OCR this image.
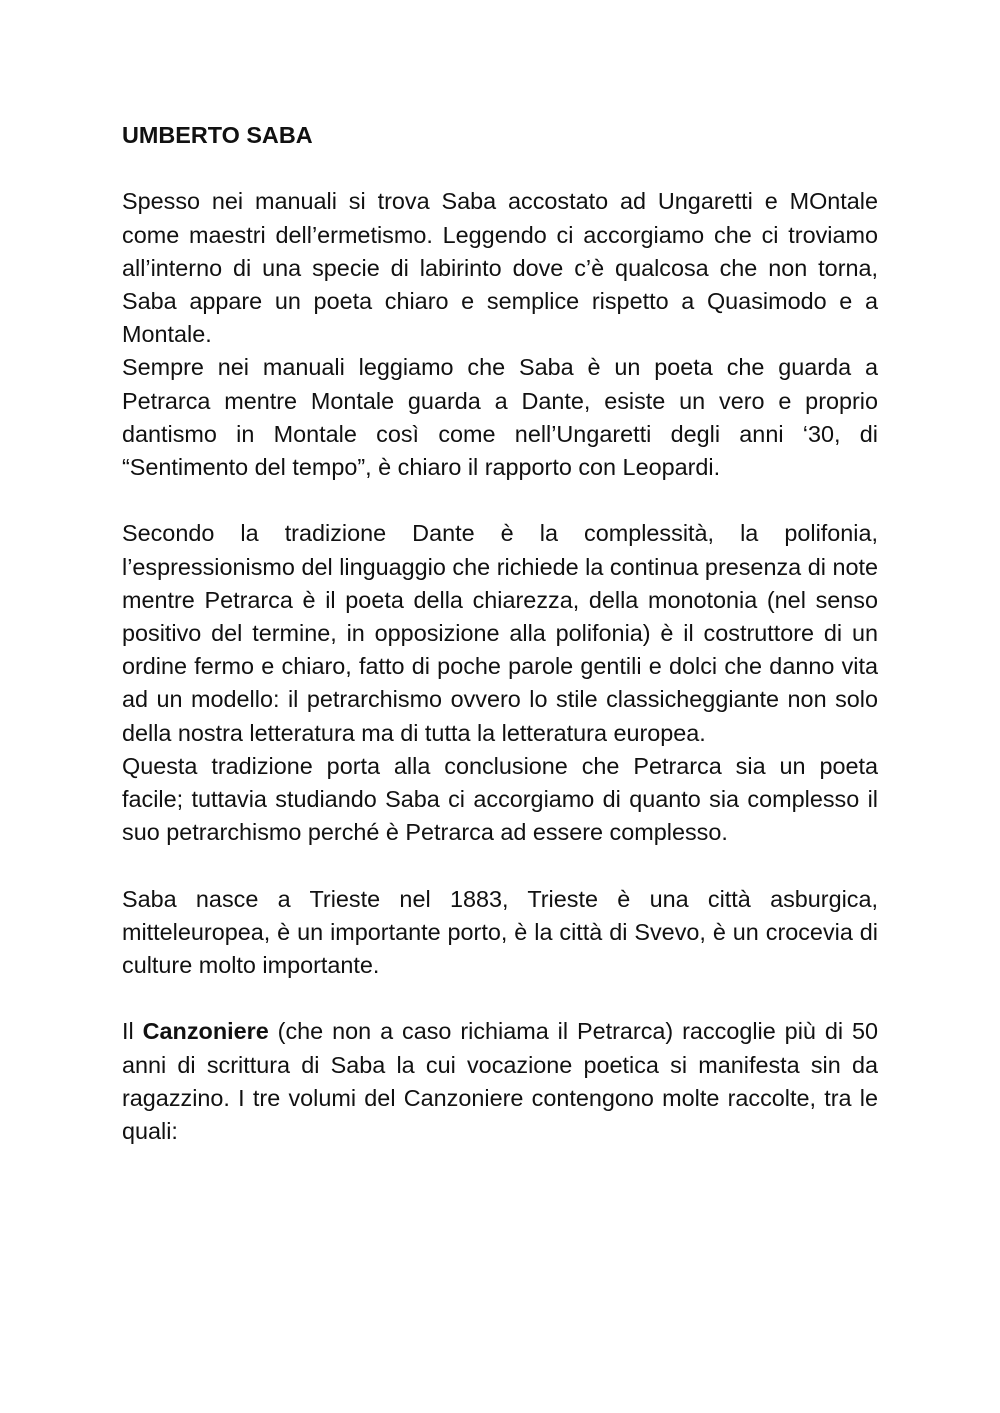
UMBERTO SABA

Spesso nei manuali si trova Saba accostato ad Ungaretti e MOntale come maestri dell’ermetismo. Leggendo ci accorgiamo che ci troviamo all’interno di una specie di labirinto dove c’è qualcosa che non torna, Saba appare un poeta chiaro e semplice rispetto a Quasimodo e a Montale.

Sempre nei manuali leggiamo che Saba è un poeta che guarda a Petrarca mentre Montale guarda a Dante, esiste un vero e proprio dantismo in Montale così come nell’Ungaretti degli anni ‘30, di “Sentimento del tempo”, è chiaro il rapporto con Leopardi.

Secondo la tradizione Dante è la complessità, la polifonia, l’espressionismo del linguaggio che richiede la continua presenza di note mentre Petrarca è il poeta della chiarezza, della monotonia (nel senso positivo del termine, in opposizione alla polifonia) è il costruttore di un ordine fermo e chiaro, fatto di poche parole gentili e dolci che danno vita ad un modello: il petrarchismo ovvero lo stile classicheggiante non solo della nostra letteratura ma di tutta la letteratura europea.

Questa tradizione porta alla conclusione che Petrarca sia un poeta facile; tuttavia studiando Saba ci accorgiamo di quanto sia complesso il suo petrarchismo perché è Petrarca ad essere complesso.

Saba nasce a Trieste nel 1883, Trieste è una città asburgica, mitteleuropea, è un importante porto, è la città di Svevo, è un crocevia di culture molto importante.

Il Canzoniere (che non a caso richiama il Petrarca) raccoglie più di 50 anni di scrittura di Saba la cui vocazione poetica si manifesta sin da ragazzino. I tre volumi del Canzoniere contengono molte raccolte, tra le quali:
